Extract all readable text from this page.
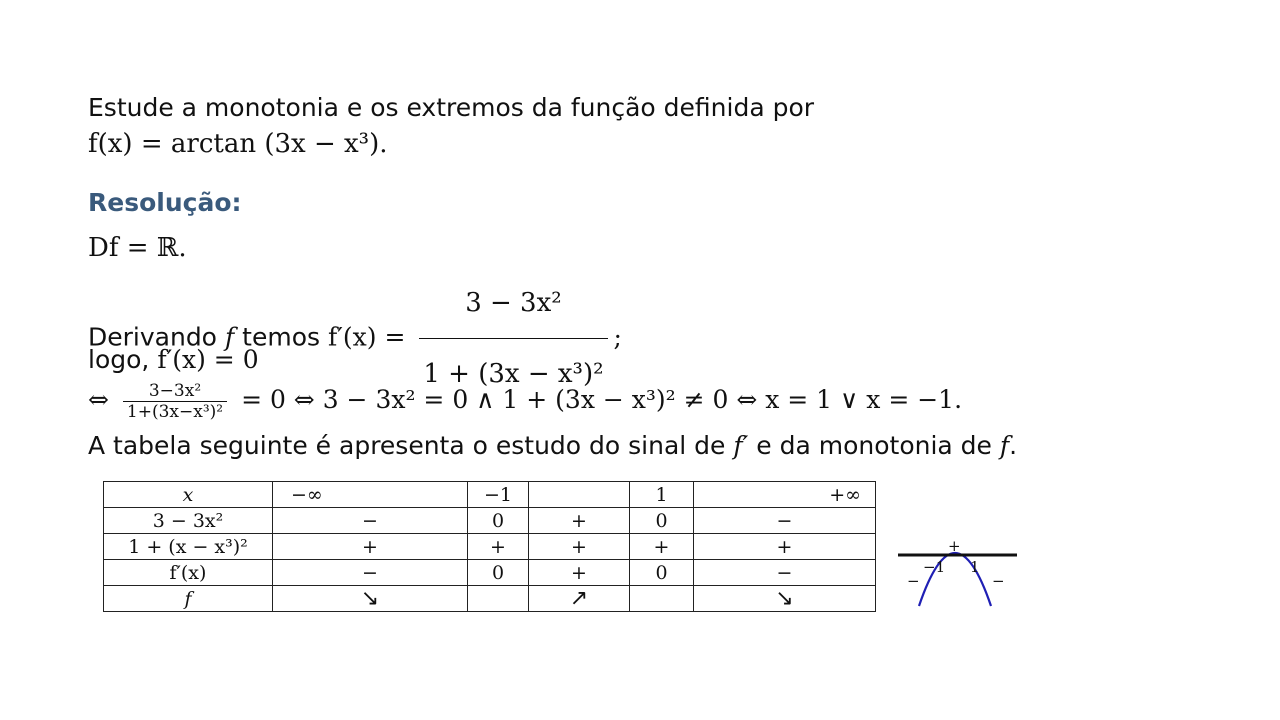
Estude a monotonia e os extremos da função definida por
f(x) = arctan (3x − x³).
Resolução:
Df = ℝ.
Derivando f temos $f'(x) = \frac{\text{3 − 3x²}}{\text{1 + (3x − x³)²}}$ ;
logo, f′(x) = 0
⇔ $\frac{\text{3−3x²}}{\text{1+(3x−x³)²}} = 0$ ⇔ 3 − 3x² = 0 ∧ 1 + (3x − x³)² ≠ 0 ⇔ x = 1 ∨ x = −1.
A tabela seguinte é apresenta o estudo do sinal de f′ e da monotonia de f.
x	−∞	−1		1	+∞
3 − 3x²	−	0	+	0	−
1 + (x − x³)²	+	+	+	+	+
f′(x)	−	0	+	0	−
f	↘		↗		↘
+
−1 1
−	−
